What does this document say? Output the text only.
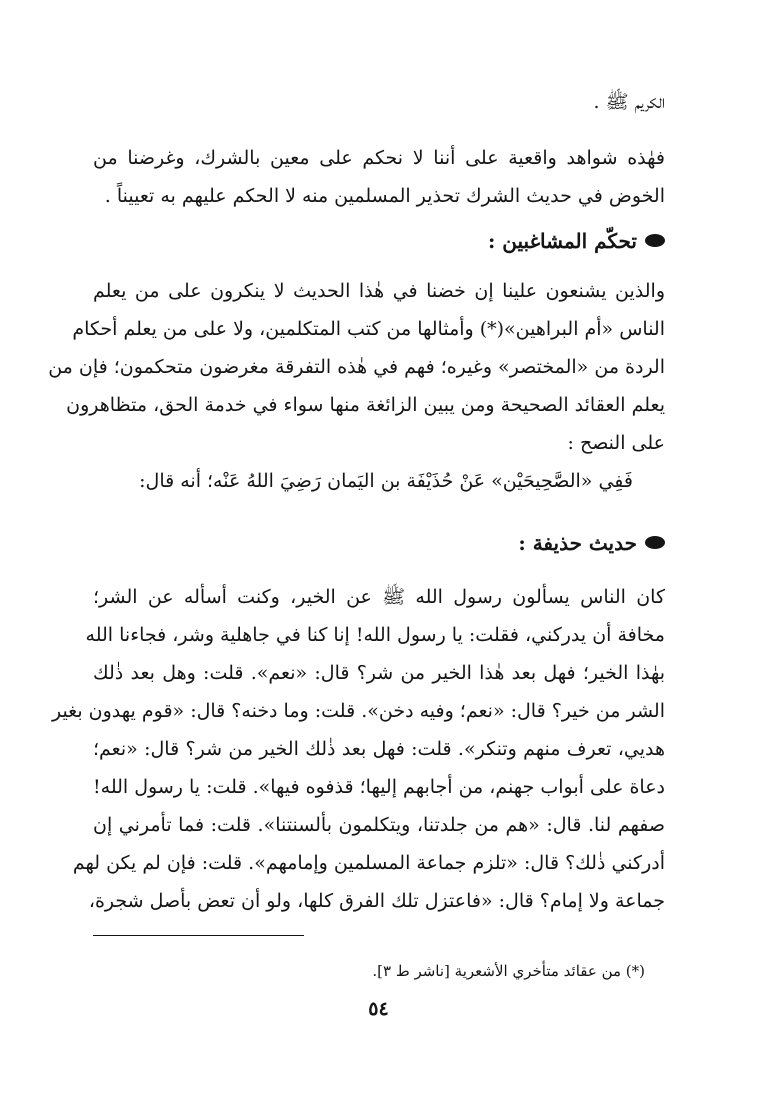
الكريم ﷺ .
فهٰذه شواهد واقعية على أننا لا نحكم على معين بالشرك، وغرضنا من
الخوض في حديث الشرك تحذير المسلمين منه لا الحكم عليهم به تعييناً .
تحكّم المشاغبين :
والذين يشنعون علينا إن خضنا في هٰذا الحديث لا ينكرون على من يعلم
الناس «أم البراهين»(*) وأمثالها من كتب المتكلمين، ولا على من يعلم أحكام
الردة من «المختصر» وغيره؛ فهم في هٰذه التفرقة مغرضون متحكمون؛ فإن من
يعلم العقائد الصحيحة ومن يبين الزائغة منها سواء في خدمة الحق، متظاهرون
على النصح :
فَفِي «الصَّحِيحَيْن» عَنْ حُذَيْفَة بن اليَمان رَضِيَ اللهُ عَنْه؛ أنه قال:
حديث حذيفة :
كان الناس يسألون رسول الله ﷺ عن الخير، وكنت أسأله عن الشر؛
مخافة أن يدركني، فقلت: يا رسول الله! إنا كنا في جاهلية وشر، فجاءنا الله
بهٰذا الخير؛ فهل بعد هٰذا الخير من شر؟ قال: «نعم». قلت: وهل بعد ذٰلك
الشر من خير؟ قال: «نعم؛ وفيه دخن». قلت: وما دخنه؟ قال: «قوم يهدون بغير
هديي، تعرف منهم وتنكر». قلت: فهل بعد ذٰلك الخير من شر؟ قال: «نعم؛
دعاة على أبواب جهنم، من أجابهم إليها؛ قذفوه فيها». قلت: يا رسول الله!
صفهم لنا. قال: «هم من جلدتنا، ويتكلمون بألسنتنا». قلت: فما تأمرني إن
أدركني ذٰلك؟ قال: «تلزم جماعة المسلمين وإمامهم». قلت: فإن لم يكن لهم
جماعة ولا إمام؟ قال: «فاعتزل تلك الفرق كلها، ولو أن تعض بأصل شجرة،
(*) من عقائد متأخري الأشعرية [ناشر ط ٣].
٥٤
